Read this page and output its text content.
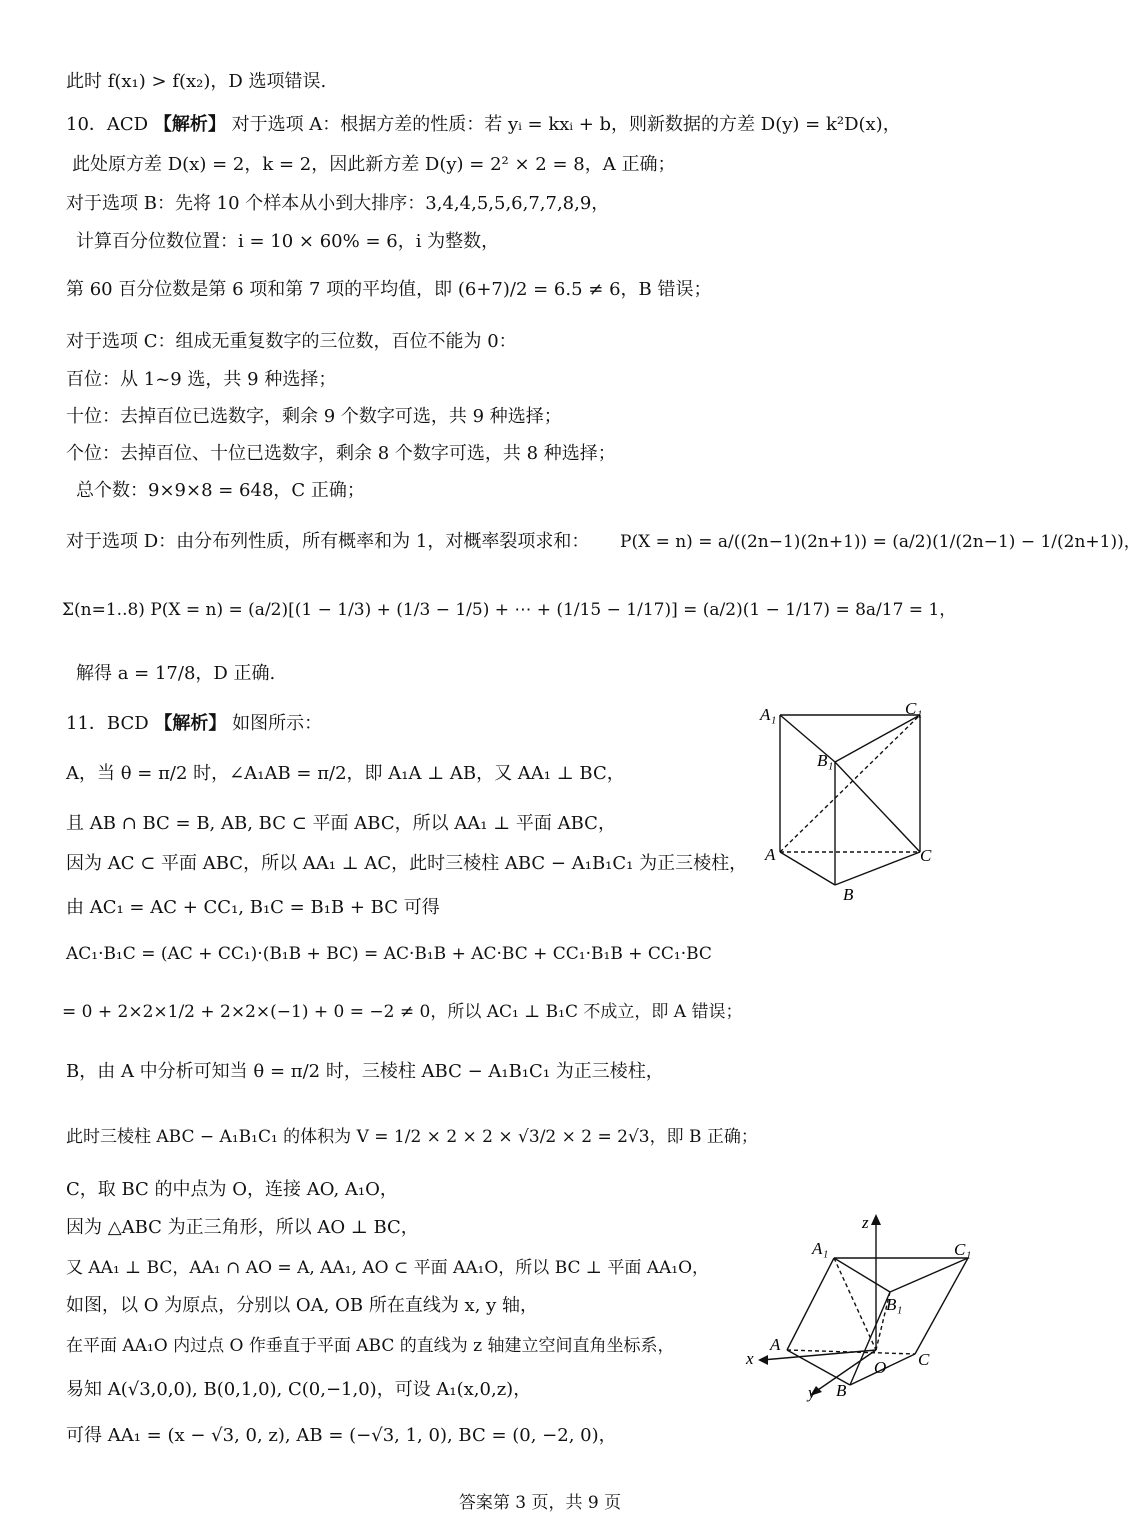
此时 f(x₁) > f(x₂)，D 选项错误.
10．ACD 【解析】 对于选项 A：根据方差的性质：若 yᵢ = kxᵢ + b，则新数据的方差 D(y) = k²D(x)，
此处原方差 D(x) = 2，k = 2，因此新方差 D(y) = 2² × 2 = 8，A 正确；
对于选项 B：先将 10 个样本从小到大排序：3,4,4,5,5,6,7,7,8,9，
计算百分位数位置：i = 10 × 60% = 6，i 为整数，
第 60 百分位数是第 6 项和第 7 项的平均值，即 (6+7)/2 = 6.5 ≠ 6，B 错误；
对于选项 C：组成无重复数字的三位数，百位不能为 0：
百位：从 1~9 选，共 9 种选择；
十位：去掉百位已选数字，剩余 9 个数字可选，共 9 种选择；
个位：去掉百位、十位已选数字，剩余 8 个数字可选，共 8 种选择；
总个数：9×9×8 = 648，C 正确；
对于选项 D：由分布列性质，所有概率和为 1，对概率裂项求和： P(X = n) = a/((2n−1)(2n+1)) = (a/2)(1/(2n−1) − 1/(2n+1))，
Σ(n=1..8) P(X = n) = (a/2)[(1 − 1/3) + (1/3 − 1/5) + ⋯ + (1/15 − 1/17)] = (a/2)(1 − 1/17) = 8a/17 = 1，
解得 a = 17/8，D 正确.
11．BCD 【解析】 如图所示：
A，当 θ = π/2 时，∠A₁AB = π/2，即 A₁A ⊥ AB，又 AA₁ ⊥ BC，
且 AB ∩ BC = B, AB, BC ⊂ 平面 ABC，所以 AA₁ ⊥ 平面 ABC，
因为 AC ⊂ 平面 ABC，所以 AA₁ ⊥ AC，此时三棱柱 ABC − A₁B₁C₁ 为正三棱柱，
由 AC₁ = AC + CC₁, B₁C = B₁B + BC 可得
AC₁·B₁C = (AC + CC₁)·(B₁B + BC) = AC·B₁B + AC·BC + CC₁·B₁B + CC₁·BC
= 0 + 2×2×1/2 + 2×2×(−1) + 0 = −2 ≠ 0，所以 AC₁ ⊥ B₁C 不成立，即 A 错误；
B，由 A 中分析可知当 θ = π/2 时，三棱柱 ABC − A₁B₁C₁ 为正三棱柱，
此时三棱柱 ABC − A₁B₁C₁ 的体积为 V = 1/2 × 2 × 2 × √3/2 × 2 = 2√3，即 B 正确；
C，取 BC 的中点为 O，连接 AO, A₁O，
因为 △ABC 为正三角形，所以 AO ⊥ BC，
又 AA₁ ⊥ BC，AA₁ ∩ AO = A, AA₁, AO ⊂ 平面 AA₁O，所以 BC ⊥ 平面 AA₁O，
如图，以 O 为原点，分别以 OA, OB 所在直线为 x, y 轴，
在平面 AA₁O 内过点 O 作垂直于平面 ABC 的直线为 z 轴建立空间直角坐标系，
易知 A(√3,0,0), B(0,1,0), C(0,−1,0)，可设 A₁(x,0,z)，
可得 AA₁ = (x − √3, 0, z), AB = (−√3, 1, 0), BC = (0, −2, 0)，
A₁	C₁
B₁
A	C
B
z
A₁	C₁
B₁
A
x	C
O
B
y
答案第 3 页，共 9 页
